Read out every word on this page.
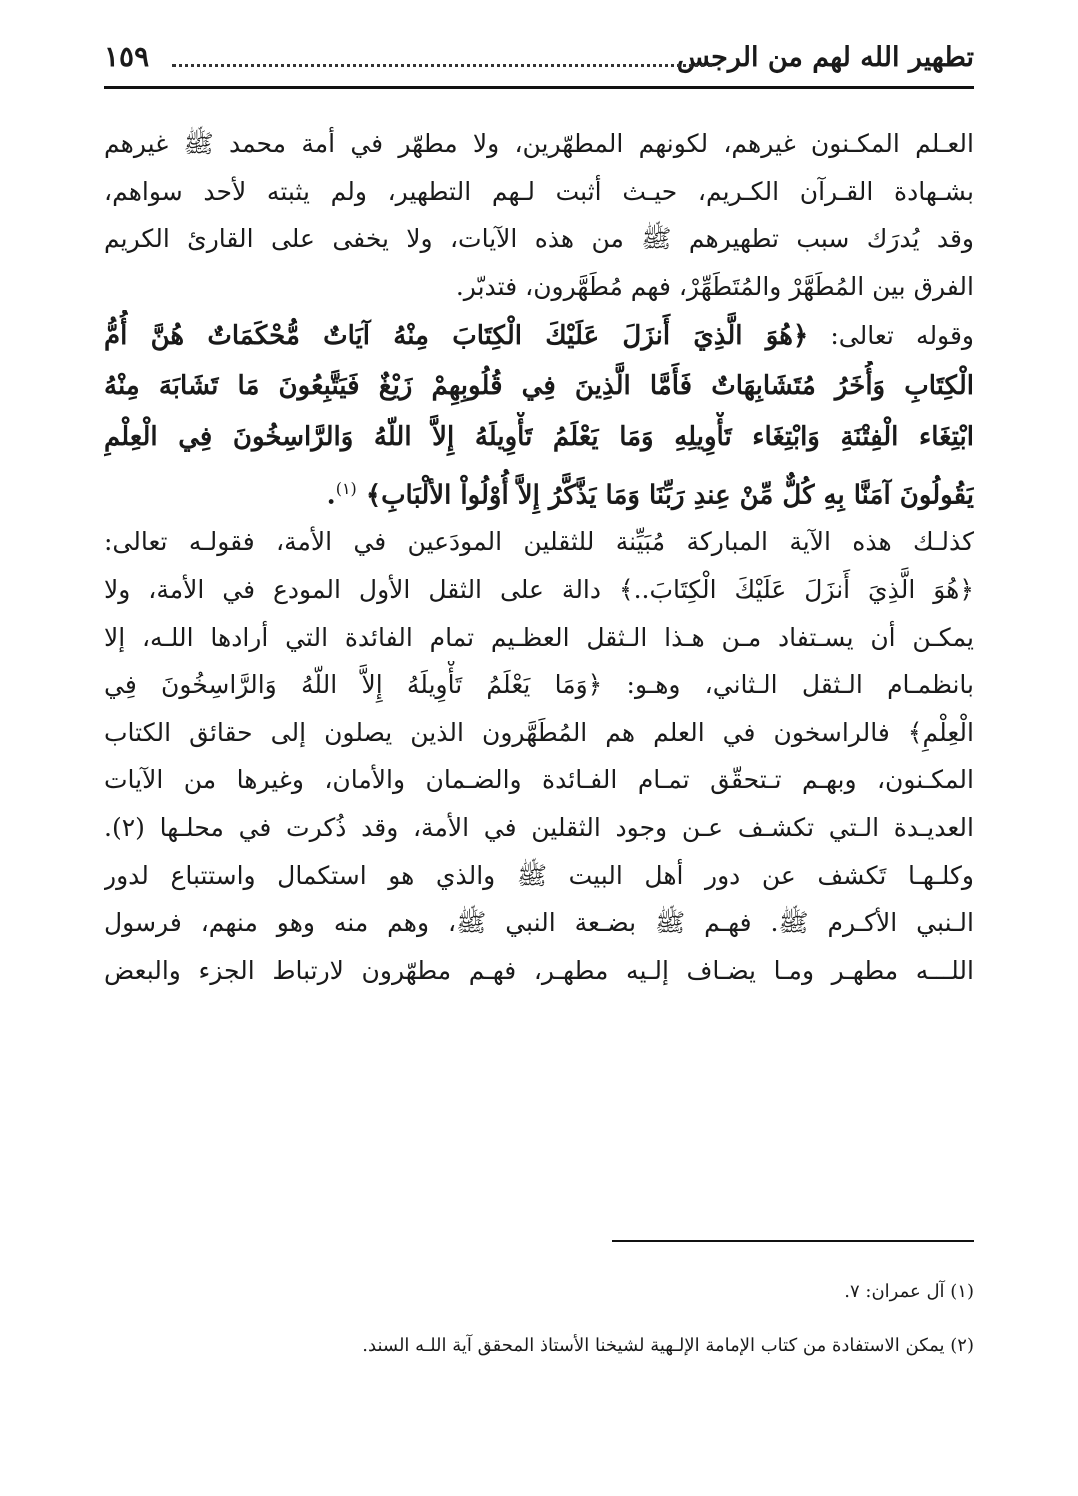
تطهير الله لهم من الرجس
١٥٩

العـلم المكـنون غيرهم، لكونهم المطهّرين، ولا مطهّر في أمة محمد ﷺ غيرهم
بشـهادة القـرآن الكـريم، حيـث أثبت لـهم التطهير، ولم يثبته لأحد سواهم،
وقد يُدرَك سبب تطهيرهم ﷺ من هذه الآيات، ولا يخفى على القارئ الكريم
الفرق بين المُطَهَّرْ والمُتَطَهِّرْ، فهم مُطَهَّرون، فتدبّر.

وقوله تعالى: ﴿هُوَ الَّذِيَ أَنزَلَ عَلَيْكَ الْكِتَابَ مِنْهُ آيَاتٌ مُّحْكَمَاتٌ هُنَّ أُمُّ
الْكِتَابِ وَأُخَرُ مُتَشَابِهَاتٌ فَأَمَّا الَّذِينَ فِي قُلُوبِهِمْ زَيْغٌ فَيَتَّبِعُونَ مَا تَشَابَهَ مِنْهُ
ابْتِغَاء الْفِتْنَةِ وَابْتِغَاء تَأْوِيلِهِ وَمَا يَعْلَمُ تَأْوِيلَهُ إِلاَّ اللّهُ وَالرَّاسِخُونَ فِي الْعِلْمِ
يَقُولُونَ آمَنَّا بِهِ كُلٌّ مِّنْ عِندِ رَبِّنَا وَمَا يَذَّكَّرُ إِلاَّ أُوْلُواْ الألْبَابِ﴾ $^{(١)}$.

كذلـك هذه الآية المباركة مُبَيِّنة للثقلين المودَعين في الأمة، فقولـه تعالى:
﴿هُوَ الَّذِيَ أَنزَلَ عَلَيْكَ الْكِتَابَ..﴾ دالة على الثقل الأول المودع في الأمة، ولا
يمكـن أن يسـتفاد مـن هـذا الـثقل العظـيم تمام الفائدة التي أرادها اللـه، إلا
بانظمـام الـثقل الـثاني، وهـو: ﴿وَمَا يَعْلَمُ تَأْوِيلَهُ إِلاَّ اللّهُ وَالرَّاسِخُونَ فِي
الْعِلْمِ﴾ فالراسخون في العلم هم المُطَهَّرون الذين يصلون إلى حقائق الكتاب
المكـنون، وبهـم تـتحقّق تمـام الفـائدة والضـمان والأمان، وغيرها من الآيات
العديـدة الـتي تكشـف عـن وجود الثقلين في الأمة، وقد ذُكرت في محلـها (٢).
وكلـهـا تَكشف عن دور أهل البيت ﷺ والذي هو استكمال واستتباع لدور
الـنبي الأكـرم ﷺ. فهـم ﷺ بضـعة النبي ﷺ، وهم منه وهو منهم، فرسول
اللـــه مطهـر ومـا يضـاف إلـيه مطهـر، فهـم مطهّرون لارتباط الجزء والبعض

(١) آل عمران: ٧.

(٢) يمكن الاستفادة من كتاب الإمامة الإلـهية لشيخنا الأستاذ المحقق آية اللـه السند.
